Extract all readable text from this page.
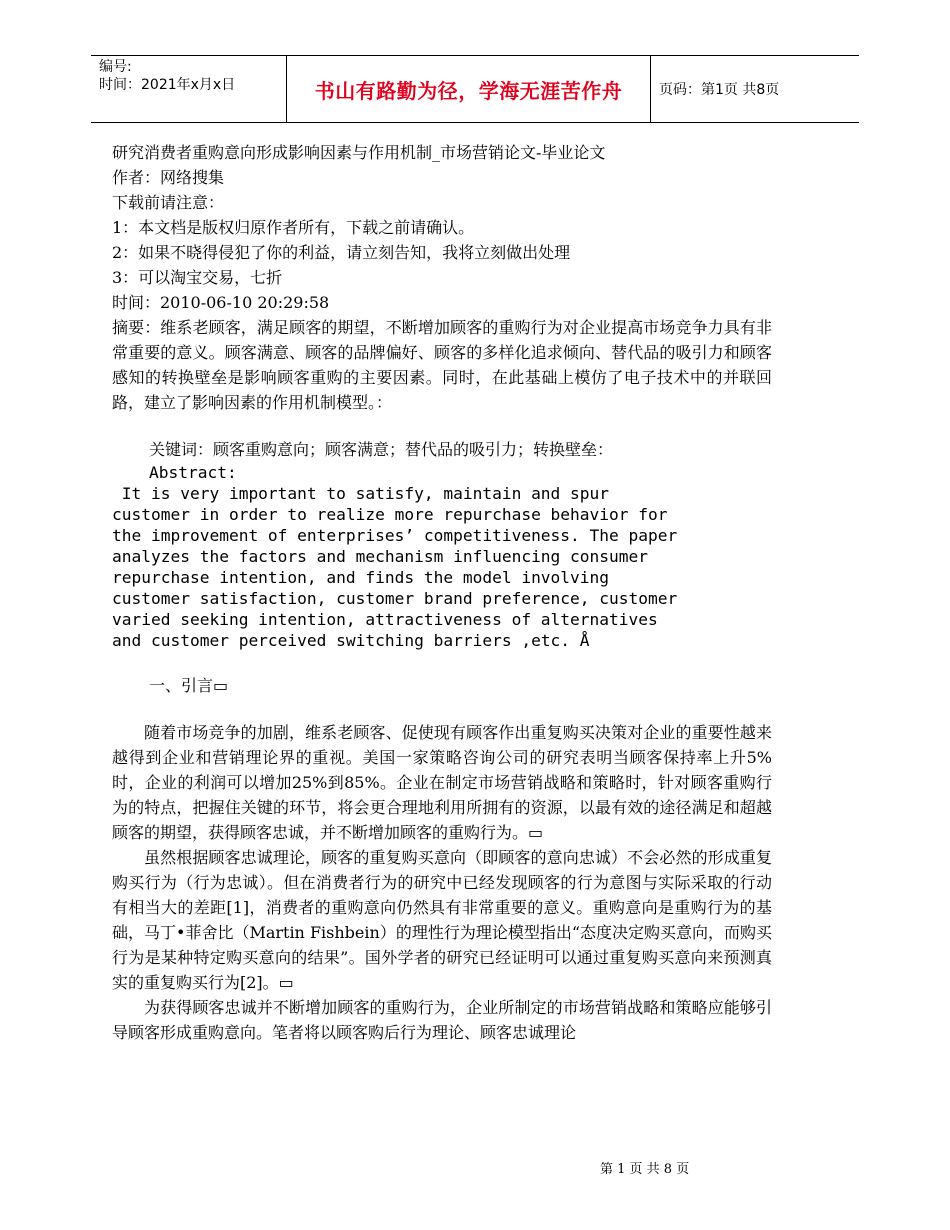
编号:
时间：2021年x月x日	书山有路勤为径，学海无涯苦作舟	页码：第1页 共8页

研究消费者重购意向形成影响因素与作用机制_市场营销论文-毕业论文

作者：网络搜集

下载前请注意：

1：本文档是版权归原作者所有，下载之前请确认。

2：如果不晓得侵犯了你的利益，请立刻告知，我将立刻做出处理

3：可以淘宝交易，七折

时间：2010-06-10 20:29:58

摘要：维系老顾客，满足顾客的期望，不断增加顾客的重购行为对企业提高市场竞争力具有非常重要的意义。顾客满意、顾客的品牌偏好、顾客的多样化追求倾向、替代品的吸引力和顾客感知的转换壁垒是影响顾客重购的主要因素。同时，在此基础上模仿了电子技术中的并联回路，建立了影响因素的作用机制模型。：

关键词：顾客重购意向；顾客满意；替代品的吸引力；转换壁垒：

Abstract:

It is very important to satisfy, maintain and spur

customer in order to realize more repurchase behavior for

the improvement of enterprises’ competitiveness. The paper

analyzes the factors and mechanism influencing consumer

repurchase intention, and finds the model involving

customer satisfaction, customer brand preference, customer

varied seeking intention, attractiveness of alternatives

and customer perceived switching barriers ,etc. Å

一、引言▭

随着市场竞争的加剧，维系老顾客、促使现有顾客作出重复购买决策对企业的重要性越来越得到企业和营销理论界的重视。美国一家策略咨询公司的研究表明当顾客保持率上升5%时，企业的利润可以增加25%到85%。企业在制定市场营销战略和策略时，针对顾客重购行为的特点，把握住关键的环节，将会更合理地利用所拥有的资源，以最有效的途径满足和超越顾客的期望，获得顾客忠诚，并不断增加顾客的重购行为。▭

虽然根据顾客忠诚理论，顾客的重复购买意向（即顾客的意向忠诚）不会必然的形成重复购买行为（行为忠诚）。但在消费者行为的研究中已经发现顾客的行为意图与实际采取的行动有相当大的差距[1]，消费者的重购意向仍然具有非常重要的意义。重购意向是重购行为的基础，马丁•菲舍比（Martin Fishbein）的理性行为理论模型指出“态度决定购买意向，而购买行为是某种特定购买意向的结果”。国外学者的研究已经证明可以通过重复购买意向来预测真实的重复购买行为[2]。▭

为获得顾客忠诚并不断增加顾客的重购行为，企业所制定的市场营销战略和策略应能够引导顾客形成重购意向。笔者将以顾客购后行为理论、顾客忠诚理论

第 1 页 共 8 页
